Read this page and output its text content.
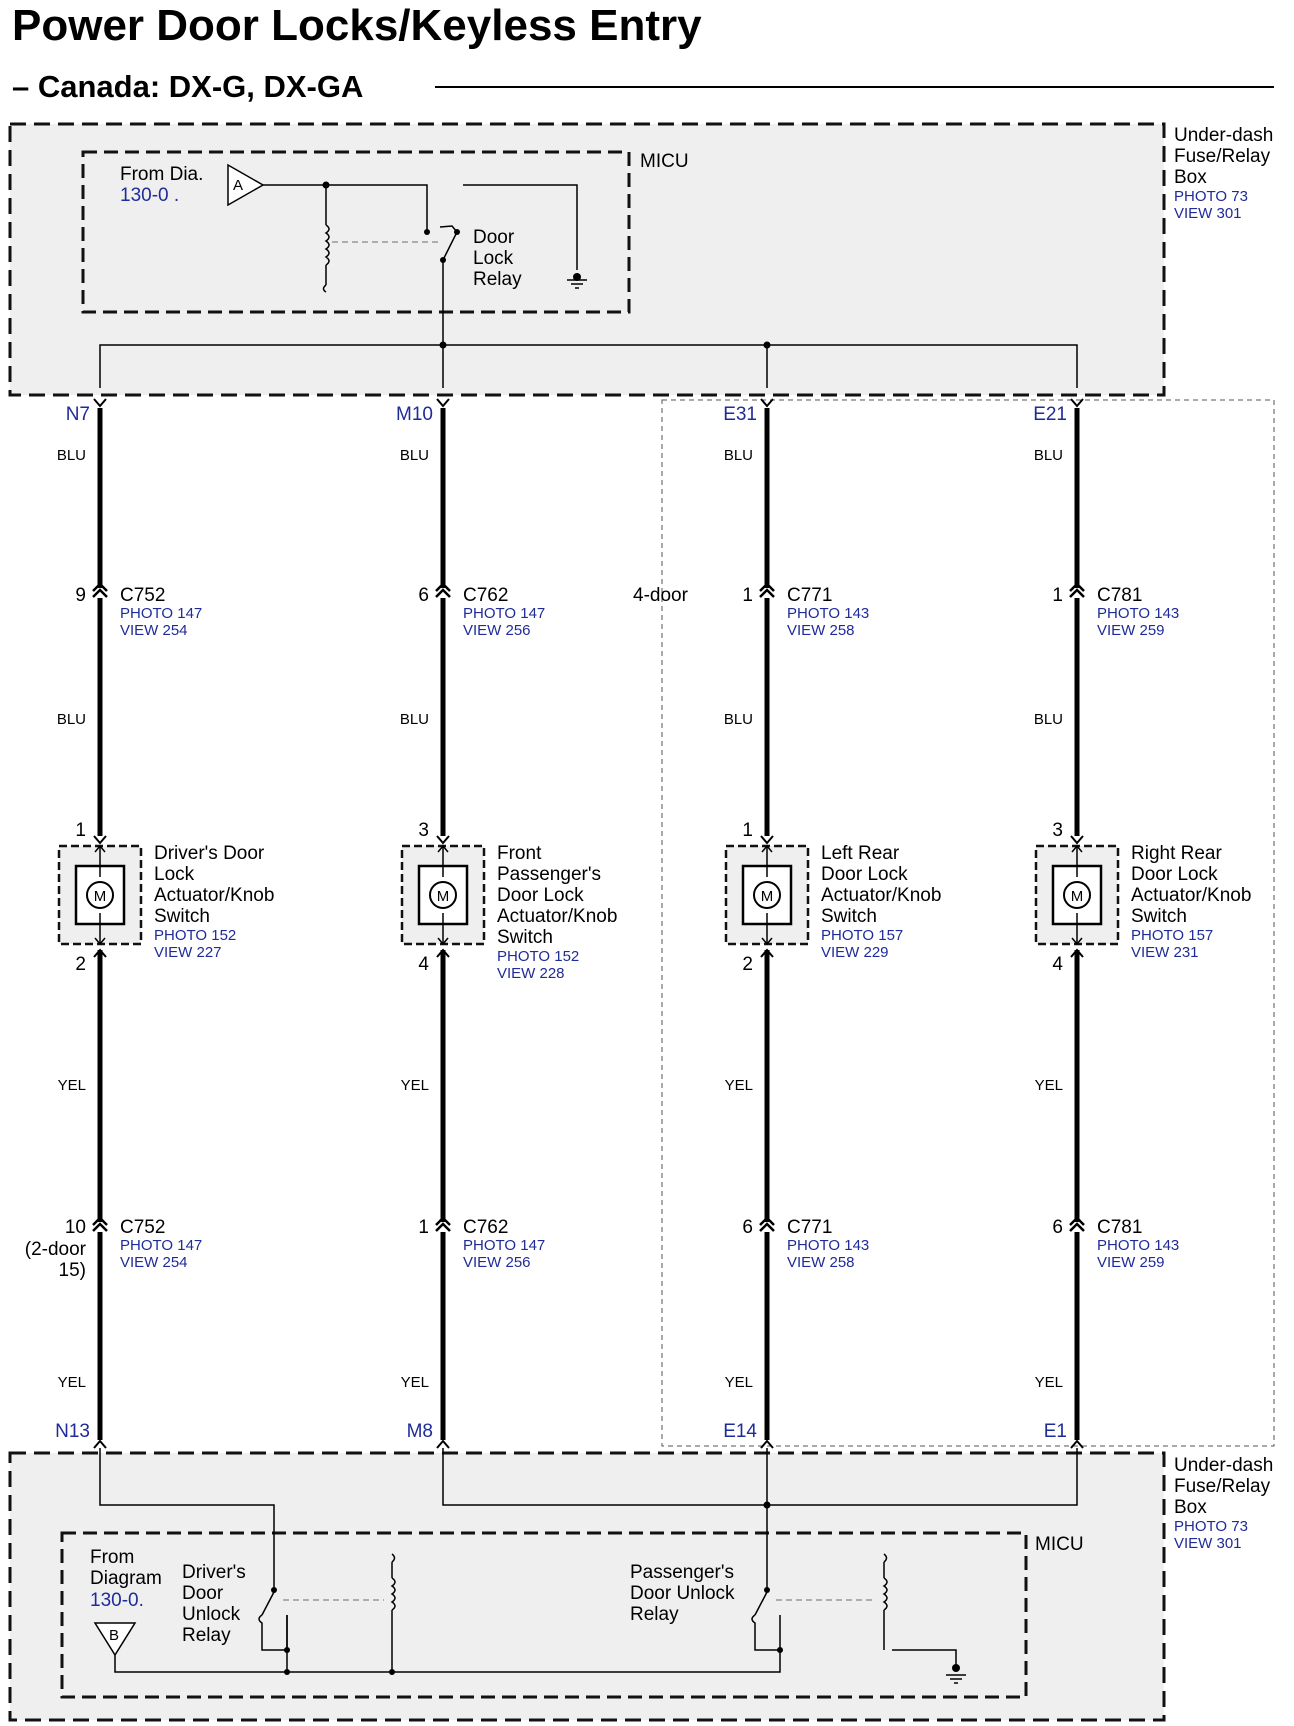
Power Door Locks/Keyless Entry
– Canada: DX-G, DX-GA
4-door
MICU
Under-dash
Fuse/Relay
Box
PHOTO 73
VIEW 301
From Dia.
130-0 .	A
Door
Lock
Relay
MICU
Under-dash
Fuse/Relay
Box
PHOTO 73
VIEW 301
From
Diagram
130-0.
B
Driver's
Door
Unlock
Relay
Passenger's
Door Unlock
Relay
N7
N13
BLU
BLU
YEL
YEL
9 C752
PHOTO 147
VIEW 254
10
(2-door
15)
C752
PHOTO 147
VIEW 254
M
1
2
Driver's Door
Lock
Actuator/Knob
Switch
PHOTO 152
VIEW 227
M10
M8
BLU
BLU
YEL
YEL
6 C762
PHOTO 147
VIEW 256
1 C762
PHOTO 147
VIEW 256
M
3
4
Front
Passenger's
Door Lock
Actuator/Knob
Switch
PHOTO 152
VIEW 228
E31
E14
BLU
BLU
YEL
YEL
1 C771
PHOTO 143
VIEW 258
6 C771
PHOTO 143
VIEW 258
M
1
2
Left Rear
Door Lock
Actuator/Knob
Switch
PHOTO 157
VIEW 229
E21
E1
BLU
BLU
YEL
YEL
1 C781
PHOTO 143
VIEW 259
6 C781
PHOTO 143
VIEW 259
M
3
4
Right Rear
Door Lock
Actuator/Knob
Switch
PHOTO 157
VIEW 231
